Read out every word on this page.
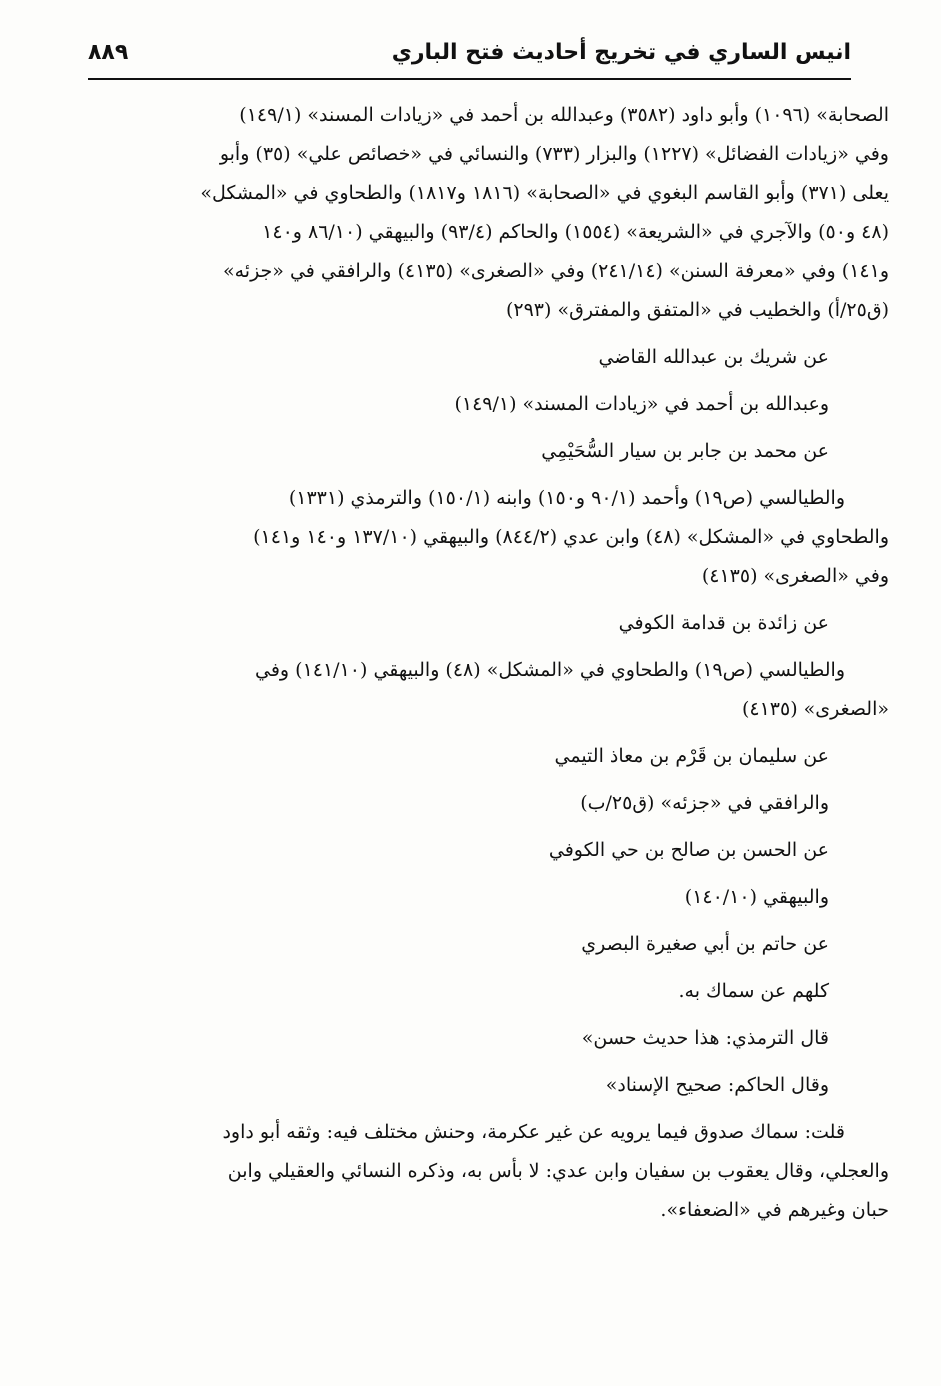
انيس الساري في تخريج أحاديث فتح الباري
٨٨٩
الصحابة» (١٠٩٦) وأبو داود (٣٥٨٢) وعبدالله بن أحمد في «زيادات المسند» (١٤٩/١)
وفي «زيادات الفضائل» (١٢٢٧) والبزار (٧٣٣) والنسائي في «خصائص علي» (٣٥) وأبو
يعلى (٣٧١) وأبو القاسم البغوي في «الصحابة» (١٨١٦ و١٨١٧) والطحاوي في «المشكل»
(٤٨ و٥٠) والآجري في «الشريعة» (١٥٥٤) والحاكم (٩٣/٤) والبيهقي (٨٦/١٠ و١٤٠
و١٤١) وفي «معرفة السنن» (٢٤١/١٤) وفي «الصغرى» (٤١٣٥) والرافقي في «جزئه»
(ق٢٥/أ) والخطيب في «المتفق والمفترق» (٢٩٣)
عن شريك بن عبدالله القاضي
وعبدالله بن أحمد في «زيادات المسند» (١٤٩/١)
عن محمد بن جابر بن سيار السُّحَيْمِي
والطيالسي (ص١٩) وأحمد (٩٠/١ و١٥٠) وابنه (١٥٠/١) والترمذي (١٣٣١)
والطحاوي في «المشكل» (٤٨) وابن عدي (٨٤٤/٢) والبيهقي (١٣٧/١٠ و١٤٠ و١٤١)
وفي «الصغرى» (٤١٣٥)
عن زائدة بن قدامة الكوفي
والطيالسي (ص١٩) والطحاوي في «المشكل» (٤٨) والبيهقي (١٤١/١٠) وفي
«الصغرى» (٤١٣٥)
عن سليمان بن قَرْم بن معاذ التيمي
والرافقي في «جزئه» (ق٢٥/ب)
عن الحسن بن صالح بن حي الكوفي
والبيهقي (١٤٠/١٠)
عن حاتم بن أبي صغيرة البصري
كلهم عن سماك به.
قال الترمذي: هذا حديث حسن»
وقال الحاكم: صحيح الإسناد»
قلت: سماك صدوق فيما يرويه عن غير عكرمة، وحنش مختلف فيه: وثقه أبو داود
والعجلي، وقال يعقوب بن سفيان وابن عدي: لا بأس به، وذكره النسائي والعقيلي وابن
حبان وغيرهم في «الضعفاء».
